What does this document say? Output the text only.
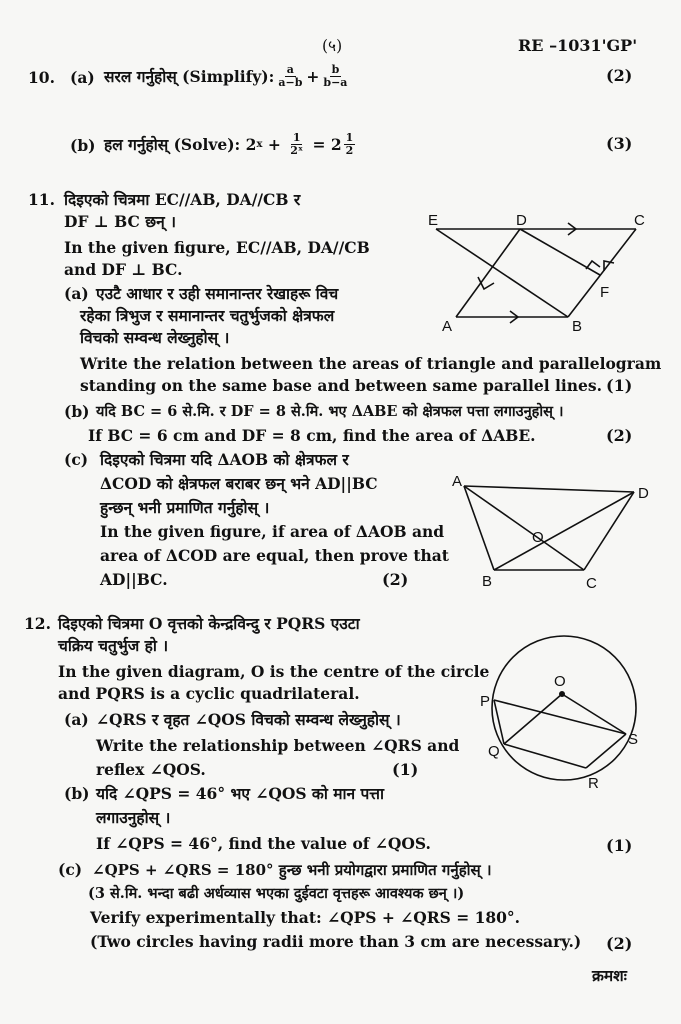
(५)	RE –1031'GP'
10. (a) सरल गर्नुहोस् (Simplify): $\frac{a}{a-b} + \frac{b}{b-a}$	(2)
(b) हल गर्नुहोस् (Solve): 2 $x + \frac{1}{\text{2ˣ}} = 2 \frac{1}{2}$	(3)
11. दिइएको चित्रमा EC//AB, DA//CB र
DF ⊥ BC छन् ।
In the given figure, EC//AB, DA//CB
and DF ⊥ BC.
(a) एउटै आधार र उही समानान्तर रेखाहरू विच
रहेका त्रिभुज र समानान्तर चतुर्भुजको क्षेत्रफल
विचको सम्वन्ध लेख्नुहोस् ।
Write the relation between the areas of triangle and parallelogram
standing on the same base and between same parallel lines. (1)
(b) यदि BC = 6 से.मि. र DF = 8 से.मि. भए ΔABE को क्षेत्रफल पत्ता लगाउनुहोस् ।
If BC = 6 cm and DF = 8 cm, find the area of ΔABE.	(2)
(c) दिइएको चित्रमा यदि ΔAOB को क्षेत्रफल र
ΔCOD को क्षेत्रफल बराबर छन् भने AD||BC
हुन्छन् भनी प्रमाणित गर्नुहोस् ।
In the given figure, if area of ΔAOB and
area of ΔCOD are equal, then prove that
AD||BC.	(2)
E	D	C
F
A	B
A
D
O
B	C
12. दिइएको चित्रमा O वृत्तको केन्द्रविन्दु र PQRS एउटा
चक्रिय चतुर्भुज हो ।
In the given diagram, O is the centre of the circle
and PQRS is a cyclic quadrilateral.
(a) ∠QRS र वृहत ∠QOS विचको सम्वन्ध लेख्नुहोस् ।
Write the relationship between ∠QRS and
reflex ∠QOS.	(1)
(b) यदि ∠QPS = 46° भए ∠QOS को मान पत्ता
लगाउनुहोस् ।
If ∠QPS = 46°, find the value of ∠QOS.	(1)
(c) ∠QPS + ∠QRS = 180° हुन्छ भनी प्रयोगद्वारा प्रमाणित गर्नुहोस् ।
(3 से.मि. भन्दा बढी अर्धव्यास भएका दुईवटा वृत्तहरू आवश्यक छन् ।)
Verify experimentally that: ∠QPS + ∠QRS = 180°.
(Two circles having radii more than 3 cm are necessary.) (2)
O
P
Q
S
R
क्रमशः
